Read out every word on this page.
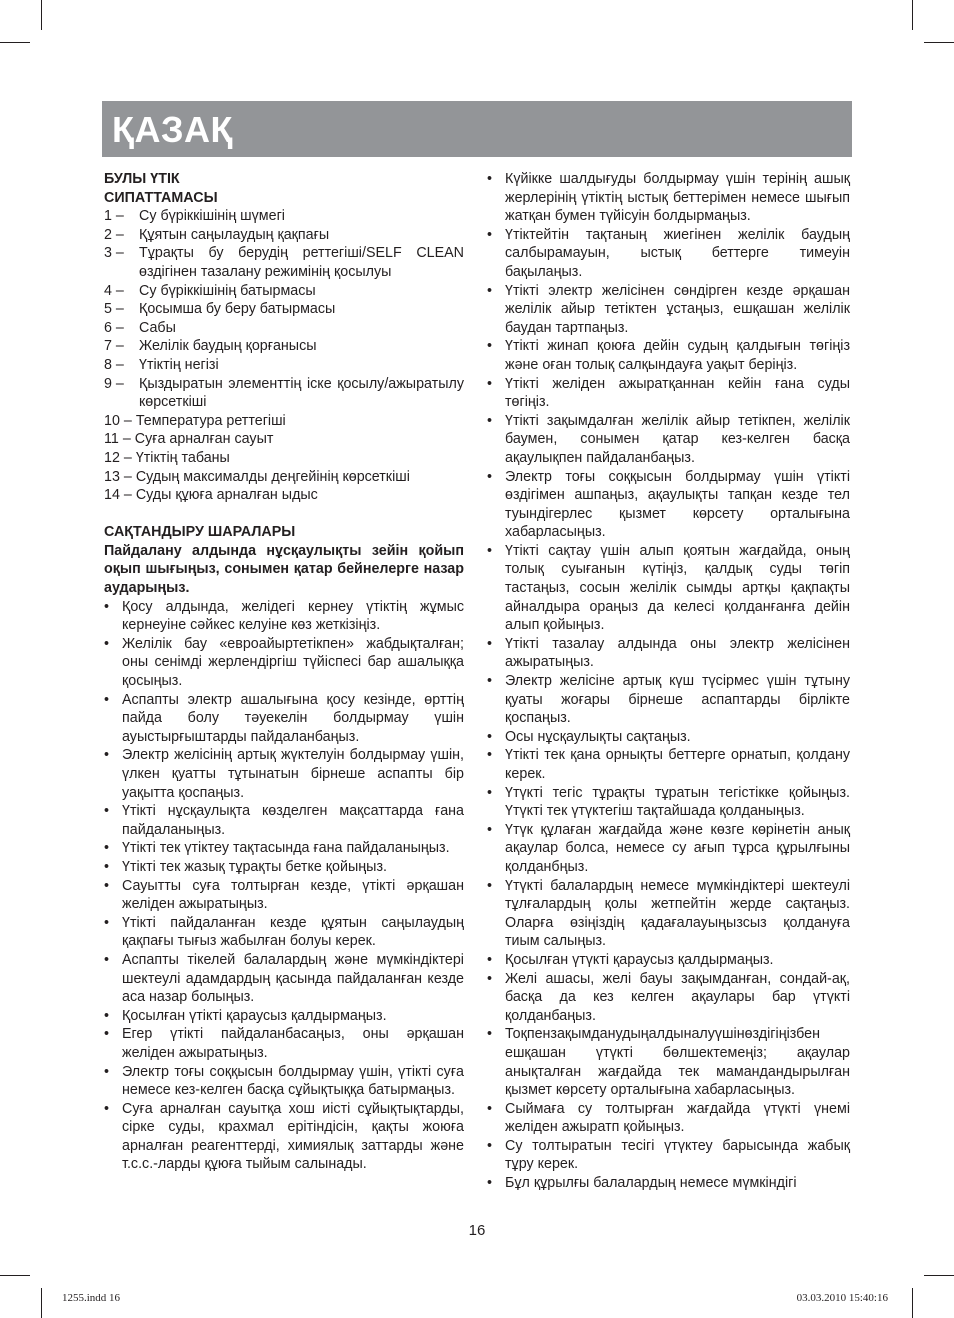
ҚАЗАҚ
БУЛЫ ҮТІК
СИПАТТАМАСЫ
1 –	Су бүріккішінің шүмегі
2 –	Құятын саңылаудың қақпағы
3 –	Тұрақты бу берудің реттегіші/SELF CLEAN өздігінен тазалану режимінің қосылуы
4 –	Су бүріккішінің батырмасы
5 –	Қосымша бу беру батырмасы
6 –	Сабы
7 –	Желілік баудың қорғанысы
8 –	Үтіктің негізі
9 –	Қыздыратын элементтің іске қосылу/ажыратылу көрсеткіші
10 – Температура реттегіші
11 – Суға арналған сауыт
12 – Үтіктің табаны
13 – Судың максималды деңгейінің көрсеткіші
14 – Суды құюға арналған ыдыс
САҚТАНДЫРУ ШАРАЛАРЫ
Пайдалану алдында нұсқаулықты зейін қойып оқып шығыңыз, сонымен қатар бейнелерге назар аударыңыз.
• Қосу алдында, желідегі кернеу үтіктің жұмыс кернеуіне сәйкес келуіне көз жеткізіңіз.
• Желілік бау «евроайыртетікпен» жабдықталған; оны сенімді жерлендіргіш түйіспесі бар ашалыққа қосыңыз.
• Аспапты электр ашалығына қосу кезінде, өрттің пайда болу тәуекелін болдырмау үшін ауыстырғыштарды пайдаланбаңыз.
• Электр желісінің артық жүктелуін болдырмау үшін, үлкен қуатты тұтынатын бірнеше аспапты бір уақытта қоспаңыз.
• Үтікті нұсқаулықта көзделген мақсаттарда ғана пайдаланыңыз.
• Үтікті тек үтіктеу тақтасында ғана пайдаланыңыз.
• Үтікті тек жазық тұрақты бетке қойыңыз.
• Сауытты суға толтырған кезде, үтікті әрқашан желіден ажыратыңыз.
• Үтікті пайдаланған кезде құятын саңылаудың қақпағы тығыз жабылған болуы керек.
• Аспапты тікелей балалардың және мүмкіндіктері шектеулі адамдардың қасында пайдаланған кезде аса назар болыңыз.
• Қосылған үтікті қараусыз қалдырмаңыз.
• Егер үтікті пайдаланбасаңыз, оны әрқашан желіден ажыратыңыз.
• Электр тоғы соққысын болдырмау үшін, үтікті суға немесе кез-келген басқа сұйықтыққа батырмаңыз.
• Суға арналған сауытқа хош иісті сұйықтықтарды, сірке суды, крахмал ерітіндісін, қақты жоюға арналған реагенттерді, химиялық заттарды және т.с.с.-ларды құюға тыйым салынады.
• Күйікке шалдығуды болдырмау үшін терінің ашық жерлерінің үтіктің ыстық беттерімен немесе шығып жатқан бумен түйісуін болдырмаңыз.
• Үтіктейтін тақтаның жиегінен желілік баудың салбырамауын, ыстық беттерге тимеуін бақылаңыз.
• Үтікті электр желісінен сөндірген кезде әрқашан желілік айыр тетіктен ұстаңыз, ешқашан желілік баудан тартпаңыз.
• Үтікті жинап қоюға дейін судың қалдығын төгіңіз және оған толық салқындауға уақыт беріңіз.
• Үтікті желіден ажыратқаннан кейін ғана суды төгіңіз.
• Үтікті зақымдалған желілік айыр тетікпен, желілік баумен, сонымен қатар кез-келген басқа ақаулықпен пайдаланбаңыз.
• Электр тоғы соққысын болдырмау үшін үтікті өздігімен ашпаңыз, ақаулықты тапқан кезде тел туындігерлес қызмет көрсету орталығына хабарласыңыз.
• Үтікті сақтау үшін алып қоятын жағдайда, оның толық суығанын күтіңіз, қалдық суды төгіп тастаңыз, сосын желілік сымды артқы қақпақты айналдыра ораңыз да келесі қолданғанға дейін алып қойыңыз.
• Үтікті тазалау алдында оны электр желісінен ажыратыңыз.
• Электр желісіне артық күш түсірмес үшін тұтыну қуаты жоғары бірнеше аспаптарды бірлікте қоспаңыз.
• Осы нұсқаулықты сақтаңыз.
• Үтікті тек қана орнықты беттерге орнатып, қолдану керек.
• Үтүкті тегіс тұрақты тұратын тегістікке қойыңыз. Үтүкті тек үтүктегіш тақтайшада қолданыңыз.
• Үтүк құлаған жағдайда және көзге көрінетін анық ақаулар болса, немесе су ағып тұрса құрылғыны қолданбңыз.
• Үтүкті балалардың немесе мүмкіндіктері шектеулі тұлғалардың қолы жетпейтін жерде сақтаңыз. Оларға өзіңіздің қадағалауыңызсыз қолдануға тиым салыңыз.
• Қосылған үтүкті қараусыз қалдырмаңыз.
• Желі ашасы, желі бауы зақымданған, сондай-ақ, басқа да кез келген ақаулары бар үтүкті қолданбаңыз.
• Тоқпензақымданудыңалдыналуүшінөздігіңізбен ешқашан үтүкті бөлшектемеңіз; ақаулар анықталған жағдайда тек мамандандырылған қызмет көрсету орталығына хабарласыңыз.
• Сыймаға су толтырған жағдайда үтүкті үнемі желіден ажыратп қойыңыз.
• Су толтыратын тесігі үтүктеу барысында жабық тұру керек.
• Бұл құрылғы балалардың немесе мүмкіндігі
16
1255.indd 16	03.03.2010 15:40:16
